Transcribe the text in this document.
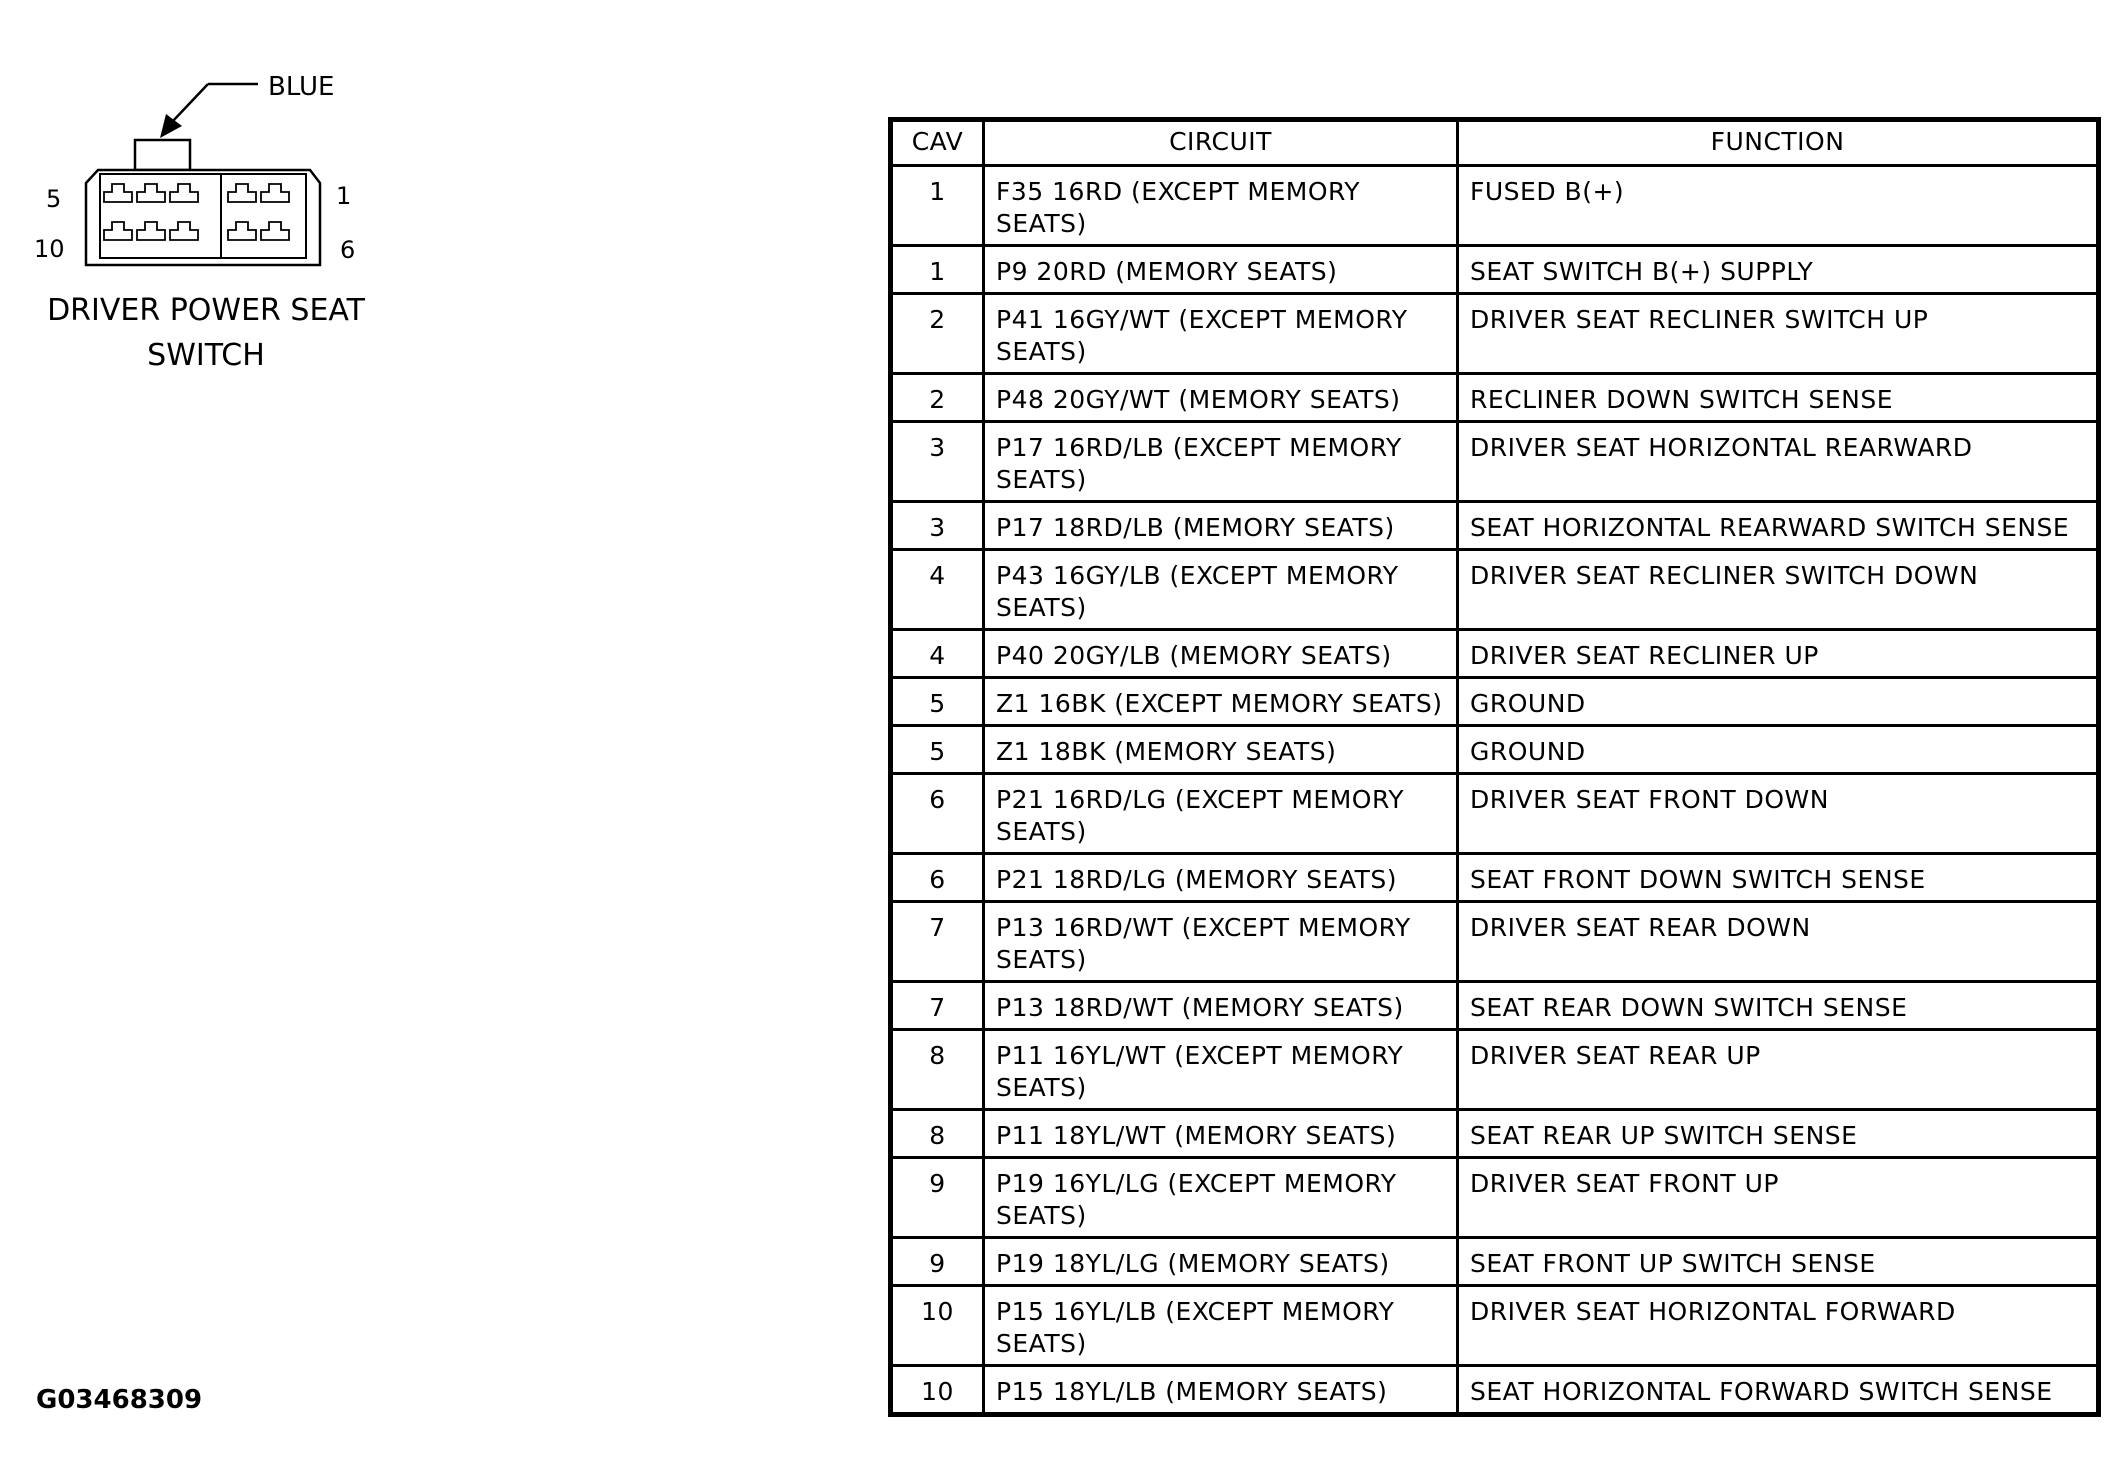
BLUE
5
10
1
6
DRIVER POWER SEAT
SWITCH
CAV	CIRCUIT	FUNCTION
1	F35 16RD (EXCEPT MEMORY SEATS)	FUSED B(+)
1	P9 20RD (MEMORY SEATS)	SEAT SWITCH B(+) SUPPLY
2	P41 16GY/WT (EXCEPT MEMORY SEATS)	DRIVER SEAT RECLINER SWITCH UP
2	P48 20GY/WT (MEMORY SEATS)	RECLINER DOWN SWITCH SENSE
3	P17 16RD/LB (EXCEPT MEMORY SEATS)	DRIVER SEAT HORIZONTAL REARWARD
3	P17 18RD/LB (MEMORY SEATS)	SEAT HORIZONTAL REARWARD SWITCH SENSE
4	P43 16GY/LB (EXCEPT MEMORY SEATS)	DRIVER SEAT RECLINER SWITCH DOWN
4	P40 20GY/LB (MEMORY SEATS)	DRIVER SEAT RECLINER UP
5	Z1 16BK (EXCEPT MEMORY SEATS)	GROUND
5	Z1 18BK (MEMORY SEATS)	GROUND
6	P21 16RD/LG (EXCEPT MEMORY SEATS)	DRIVER SEAT FRONT DOWN
6	P21 18RD/LG (MEMORY SEATS)	SEAT FRONT DOWN SWITCH SENSE
7	P13 16RD/WT (EXCEPT MEMORY SEATS)	DRIVER SEAT REAR DOWN
7	P13 18RD/WT (MEMORY SEATS)	SEAT REAR DOWN SWITCH SENSE
8	P11 16YL/WT (EXCEPT MEMORY SEATS)	DRIVER SEAT REAR UP
8	P11 18YL/WT (MEMORY SEATS)	SEAT REAR UP SWITCH SENSE
9	P19 16YL/LG (EXCEPT MEMORY SEATS)	DRIVER SEAT FRONT UP
9	P19 18YL/LG (MEMORY SEATS)	SEAT FRONT UP SWITCH SENSE
10	P15 16YL/LB (EXCEPT MEMORY SEATS)	DRIVER SEAT HORIZONTAL FORWARD
10	P15 18YL/LB (MEMORY SEATS)	SEAT HORIZONTAL FORWARD SWITCH SENSE
G03468309
